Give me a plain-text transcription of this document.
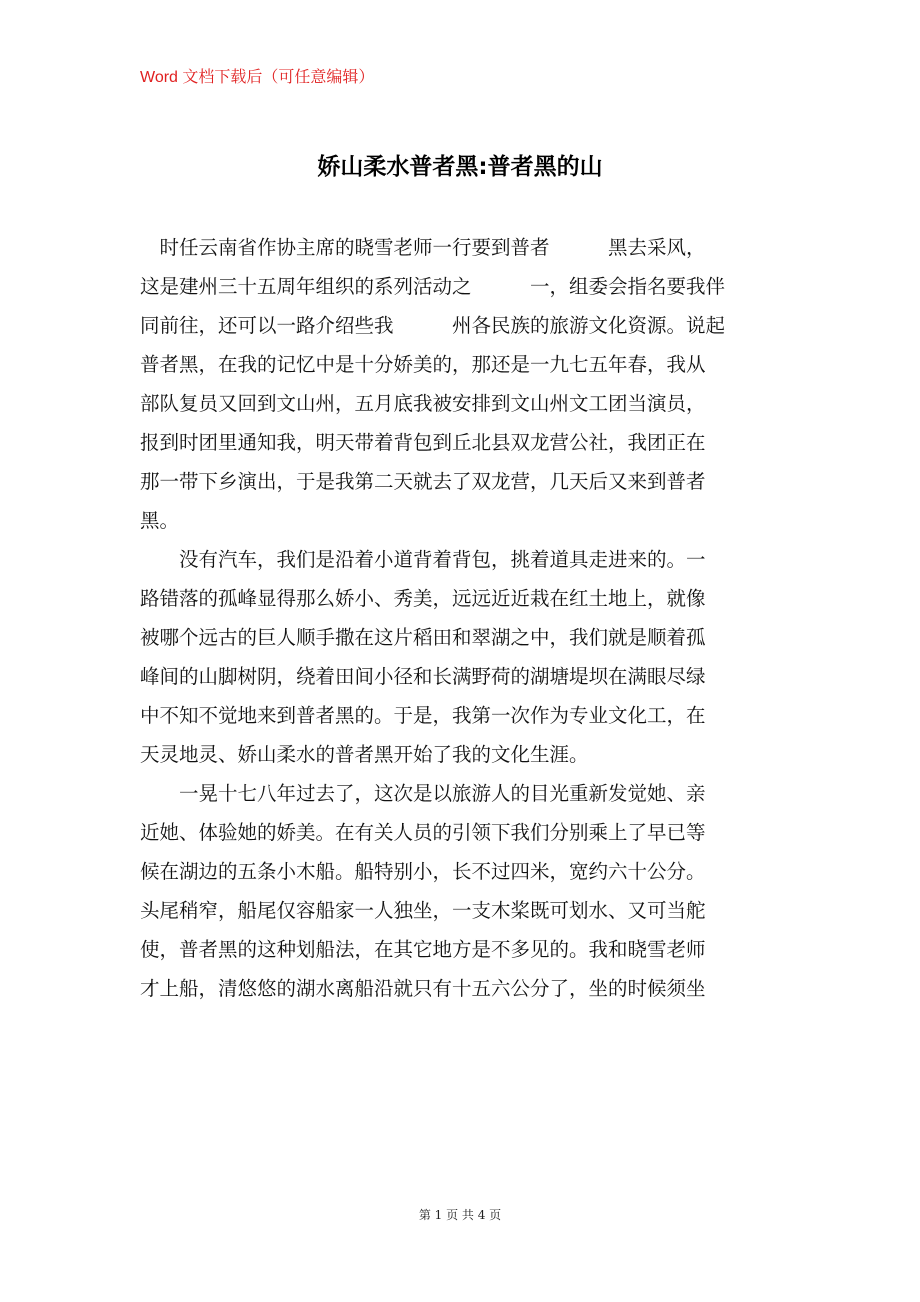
Word 文档下载后（可任意编辑）
娇山柔水普者黑:普者黑的山
　时任云南省作协主席的晓雪老师一行要到普者　　　黑去采风，
这是建州三十五周年组织的系列活动之　　　一，组委会指名要我伴
同前往，还可以一路介绍些我　　　州各民族的旅游文化资源。说起
普者黑，在我的记忆中是十分娇美的，那还是一九七五年春，我从
部队复员又回到文山州，五月底我被安排到文山州文工团当演员，
报到时团里通知我，明天带着背包到丘北县双龙营公社，我团正在
那一带下乡演出，于是我第二天就去了双龙营，几天后又来到普者
黑。
　　没有汽车，我们是沿着小道背着背包，挑着道具走进来的。一
路错落的孤峰显得那么娇小、秀美，远远近近栽在红土地上，就像
被哪个远古的巨人顺手撒在这片稻田和翠湖之中，我们就是顺着孤
峰间的山脚树阴，绕着田间小径和长满野荷的湖塘堤坝在满眼尽绿
中不知不觉地来到普者黑的。于是，我第一次作为专业文化工，在
天灵地灵、娇山柔水的普者黑开始了我的文化生涯。
　　一晃十七八年过去了，这次是以旅游人的目光重新发觉她、亲
近她、体验她的娇美。在有关人员的引领下我们分别乘上了早已等
候在湖边的五条小木船。船特别小，长不过四米，宽约六十公分。
头尾稍窄，船尾仅容船家一人独坐，一支木桨既可划水、又可当舵
使，普者黑的这种划船法，在其它地方是不多见的。我和晓雪老师
才上船，清悠悠的湖水离船沿就只有十五六公分了，坐的时候须坐
第 1 页 共 4 页
